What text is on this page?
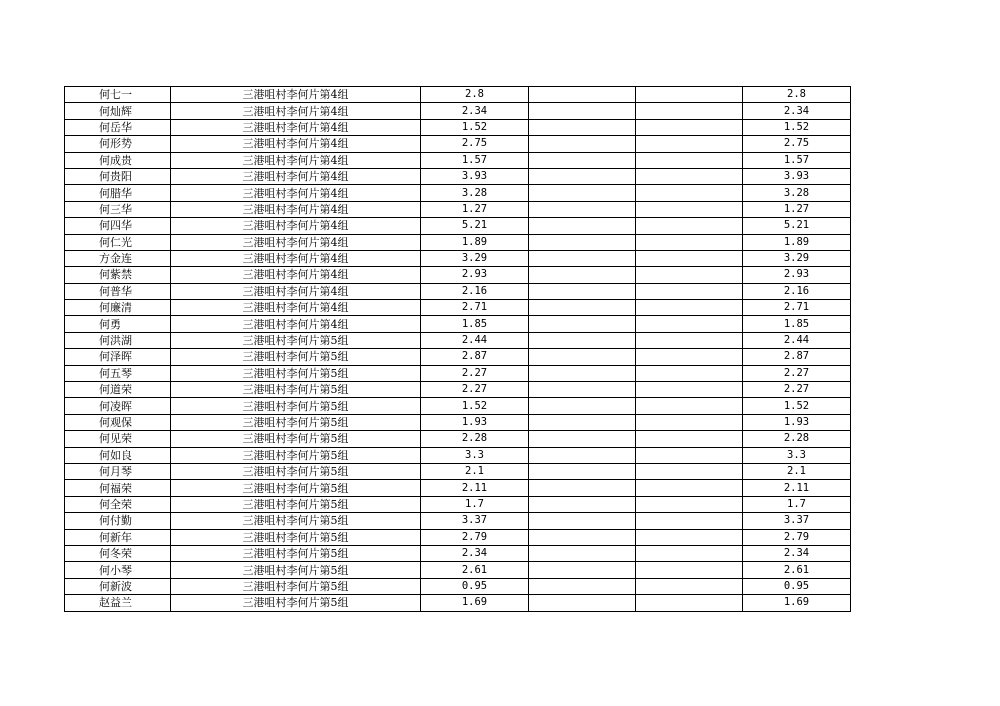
何七一	三港咀村李何片第4组	2.8			2.8
何灿辉	三港咀村李何片第4组	2.34			2.34
何岳华	三港咀村李何片第4组	1.52			1.52
何形势	三港咀村李何片第4组	2.75			2.75
何成贵	三港咀村李何片第4组	1.57			1.57
何贵阳	三港咀村李何片第4组	3.93			3.93
何腊华	三港咀村李何片第4组	3.28			3.28
何三华	三港咀村李何片第4组	1.27			1.27
何四华	三港咀村李何片第4组	5.21			5.21
何仁光	三港咀村李何片第4组	1.89			1.89
方金连	三港咀村李何片第4组	3.29			3.29
何紫禁	三港咀村李何片第4组	2.93			2.93
何普华	三港咀村李何片第4组	2.16			2.16
何廉清	三港咀村李何片第4组	2.71			2.71
何勇	三港咀村李何片第4组	1.85			1.85
何洪湖	三港咀村李何片第5组	2.44			2.44
何泽晖	三港咀村李何片第5组	2.87			2.87
何五琴	三港咀村李何片第5组	2.27			2.27
何道荣	三港咀村李何片第5组	2.27			2.27
何凌晖	三港咀村李何片第5组	1.52			1.52
何观保	三港咀村李何片第5组	1.93			1.93
何见荣	三港咀村李何片第5组	2.28			2.28
何如良	三港咀村李何片第5组	3.3			3.3
何月琴	三港咀村李何片第5组	2.1			2.1
何福荣	三港咀村李何片第5组	2.11			2.11
何全荣	三港咀村李何片第5组	1.7			1.7
何付勤	三港咀村李何片第5组	3.37			3.37
何新年	三港咀村李何片第5组	2.79			2.79
何冬荣	三港咀村李何片第5组	2.34			2.34
何小琴	三港咀村李何片第5组	2.61			2.61
何新波	三港咀村李何片第5组	0.95			0.95
赵益兰	三港咀村李何片第5组	1.69			1.69
